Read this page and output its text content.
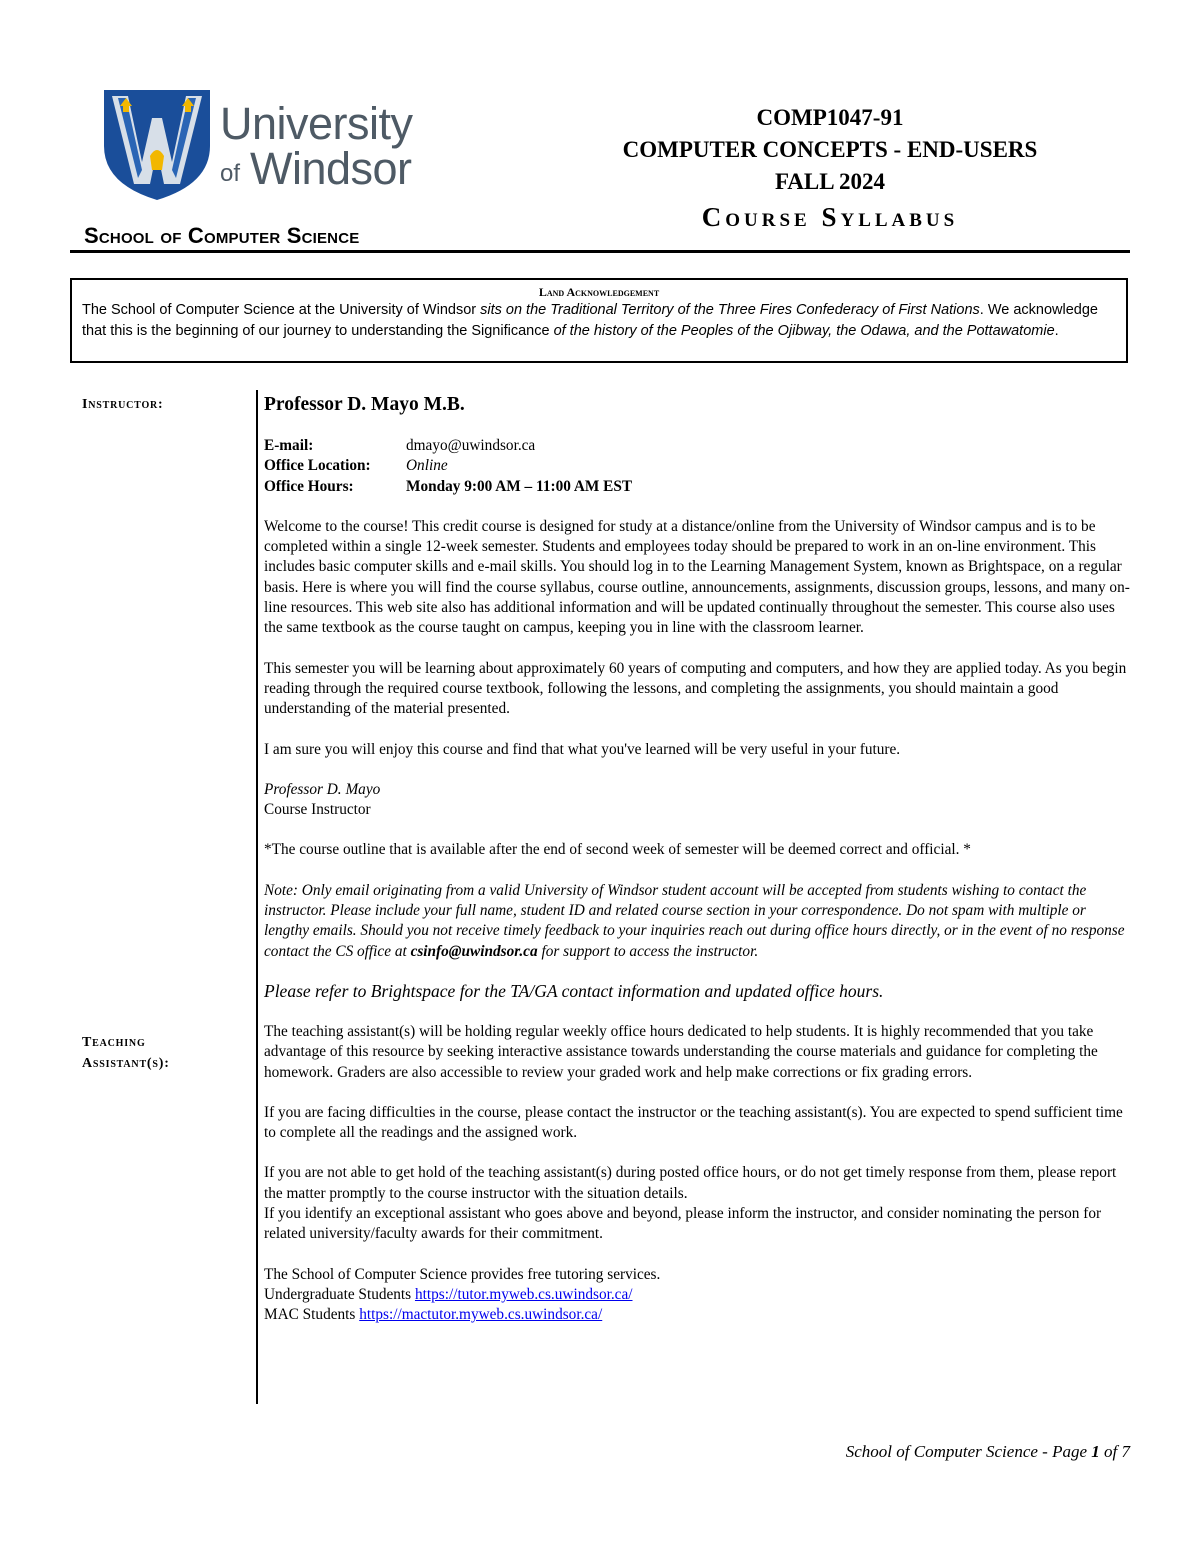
University
of Windsor
School of Computer Science
COMP1047-91
COMPUTER CONCEPTS - END-USERS
FALL 2024
Course Syllabus
Land Acknowledgement

The School of Computer Science at the University of Windsor sits on the Traditional Territory of the Three Fires Confederacy of First Nations. We acknowledge that this is the beginning of our journey to understanding the Significance of the history of the Peoples of the Ojibway, the Odawa, and the Pottawatomie.

Instructor:
Teaching
Assistant(s):

Professor D. Mayo M.B.

E-mail:	dmayo@uwindsor.ca
Office Location:	Online
Office Hours:	Monday 9:00 AM – 11:00 AM EST

Welcome to the course! This credit course is designed for study at a distance/online from the University of Windsor campus and is to be completed within a single 12-week semester. Students and employees today should be prepared to work in an on-line environment. This includes basic computer skills and e-mail skills. You should log in to the Learning Management System, known as Brightspace, on a regular basis. Here is where you will find the course syllabus, course outline, announcements, assignments, discussion groups, lessons, and many on-line resources. This web site also has additional information and will be updated continually throughout the semester. This course also uses the same textbook as the course taught on campus, keeping you in line with the classroom learner.

This semester you will be learning about approximately 60 years of computing and computers, and how they are applied today. As you begin reading through the required course textbook, following the lessons, and completing the assignments, you should maintain a good understanding of the material presented.

I am sure you will enjoy this course and find that what you've learned will be very useful in your future.

Professor D. Mayo

Course Instructor

*The course outline that is available after the end of second week of semester will be deemed correct and official. *

Note: Only email originating from a valid University of Windsor student account will be accepted from students wishing to contact the instructor. Please include your full name, student ID and related course section in your correspondence. Do not spam with multiple or lengthy emails. Should you not receive timely feedback to your inquiries reach out during office hours directly, or in the event of no response contact the CS office at csinfo@uwindsor.ca for support to access the instructor.

Please refer to Brightspace for the TA/GA contact information and updated office hours.

The teaching assistant(s) will be holding regular weekly office hours dedicated to help students. It is highly recommended that you take advantage of this resource by seeking interactive assistance towards understanding the course materials and guidance for completing the homework. Graders are also accessible to review your graded work and help make corrections or fix grading errors.

If you are facing difficulties in the course, please contact the instructor or the teaching assistant(s). You are expected to spend sufficient time to complete all the readings and the assigned work.

If you are not able to get hold of the teaching assistant(s) during posted office hours, or do not get timely response from them, please report the matter promptly to the course instructor with the situation details.

If you identify an exceptional assistant who goes above and beyond, please inform the instructor, and consider nominating the person for related university/faculty awards for their commitment.

The School of Computer Science provides free tutoring services.

Undergraduate Students https://tutor.myweb.cs.uwindsor.ca/

MAC Students https://mactutor.myweb.cs.uwindsor.ca/

School of Computer Science - Page 1 of 7
